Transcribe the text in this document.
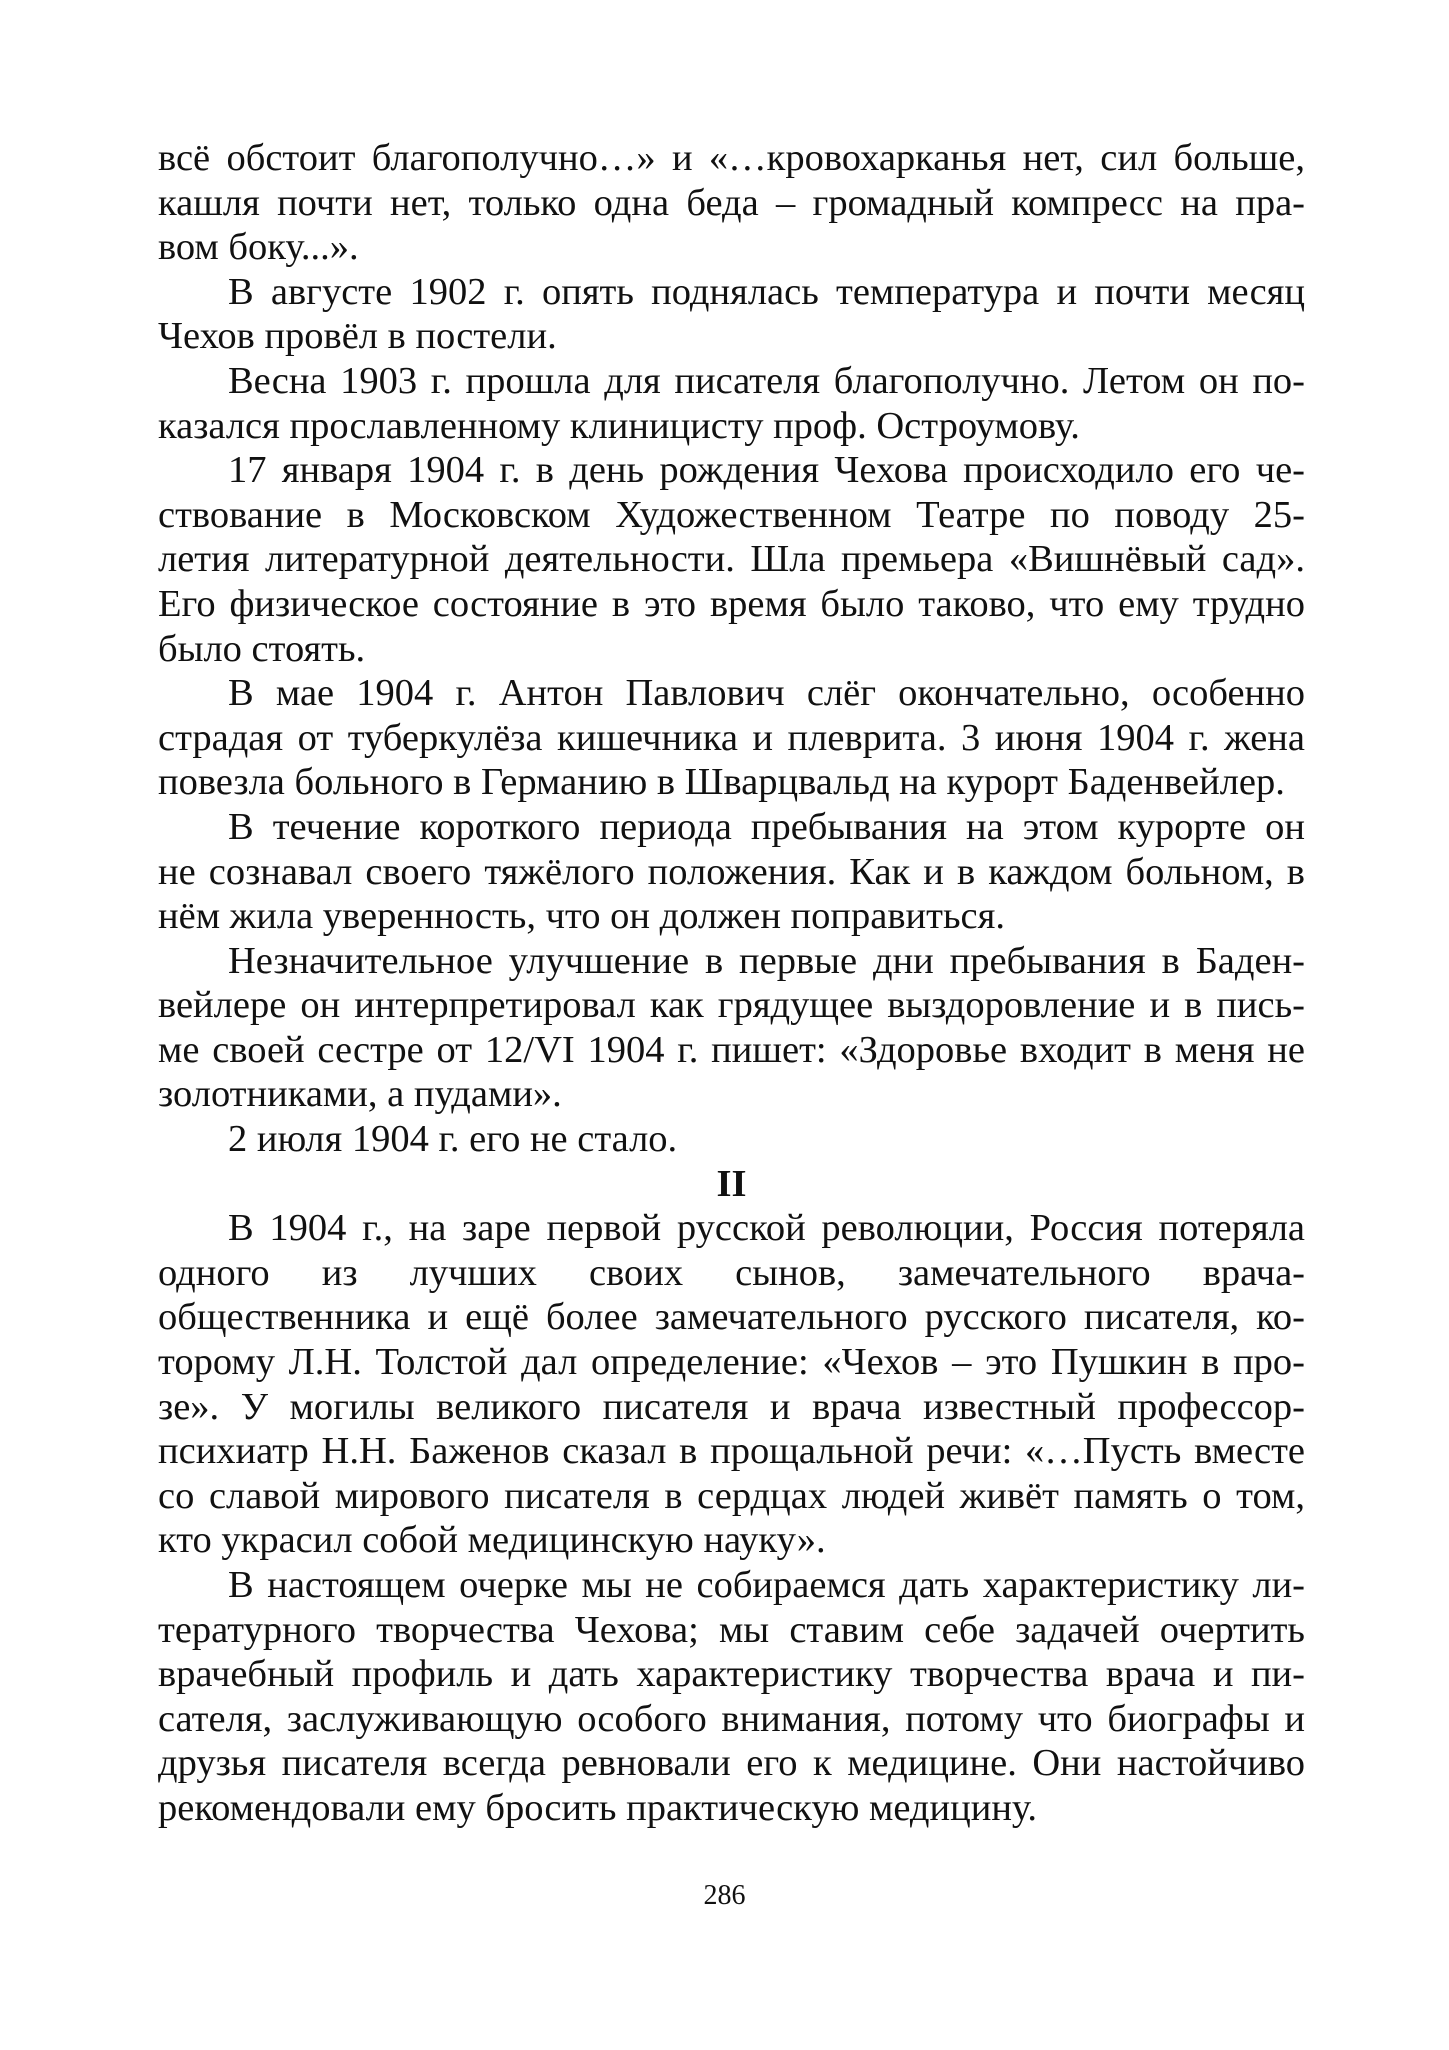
всё обстоит благополучно…» и «…кровохарканья нет, сил больше,
кашля почти нет, только одна беда – громадный компресс на пра-
вом боку...».
В августе 1902 г. опять поднялась температура и почти месяц
Чехов провёл в постели.
Весна 1903 г. прошла для писателя благополучно. Летом он по-
казался прославленному клиницисту проф. Остроумову.
17 января 1904 г. в день рождения Чехова происходило его че-
ствование в Московском Художественном Театре по поводу 25-
летия литературной деятельности. Шла премьера «Вишнёвый сад».
Его физическое состояние в это время было таково, что ему трудно
было стоять.
В мае 1904 г. Антон Павлович слёг окончательно, особенно
страдая от туберкулёза кишечника и плеврита. 3 июня 1904 г. жена
повезла больного в Германию в Шварцвальд на курорт Баденвейлер.
В течение короткого периода пребывания на этом курорте он
не сознавал своего тяжёлого положения. Как и в каждом больном, в
нём жила уверенность, что он должен поправиться.
Незначительное улучшение в первые дни пребывания в Баден-
вейлере он интерпретировал как грядущее выздоровление и в пись-
ме своей сестре от 12/VI 1904 г. пишет: «Здоровье входит в меня не
золотниками, а пудами».
2 июля 1904 г. его не стало.
II
В 1904 г., на заре первой русской революции, Россия потеряла
одного из лучших своих сынов, замечательного врача-
общественника и ещё более замечательного русского писателя, ко-
торому Л.Н. Толстой дал определение: «Чехов – это Пушкин в про-
зе». У могилы великого писателя и врача известный профессор-
психиатр Н.Н. Баженов сказал в прощальной речи: «…Пусть вместе
со славой мирового писателя в сердцах людей живёт память о том,
кто украсил собой медицинскую науку».
В настоящем очерке мы не собираемся дать характеристику ли-
тературного творчества Чехова; мы ставим себе задачей очертить
врачебный профиль и дать характеристику творчества врача и пи-
сателя, заслуживающую особого внимания, потому что биографы и
друзья писателя всегда ревновали его к медицине. Они настойчиво
рекомендовали ему бросить практическую медицину.
286
